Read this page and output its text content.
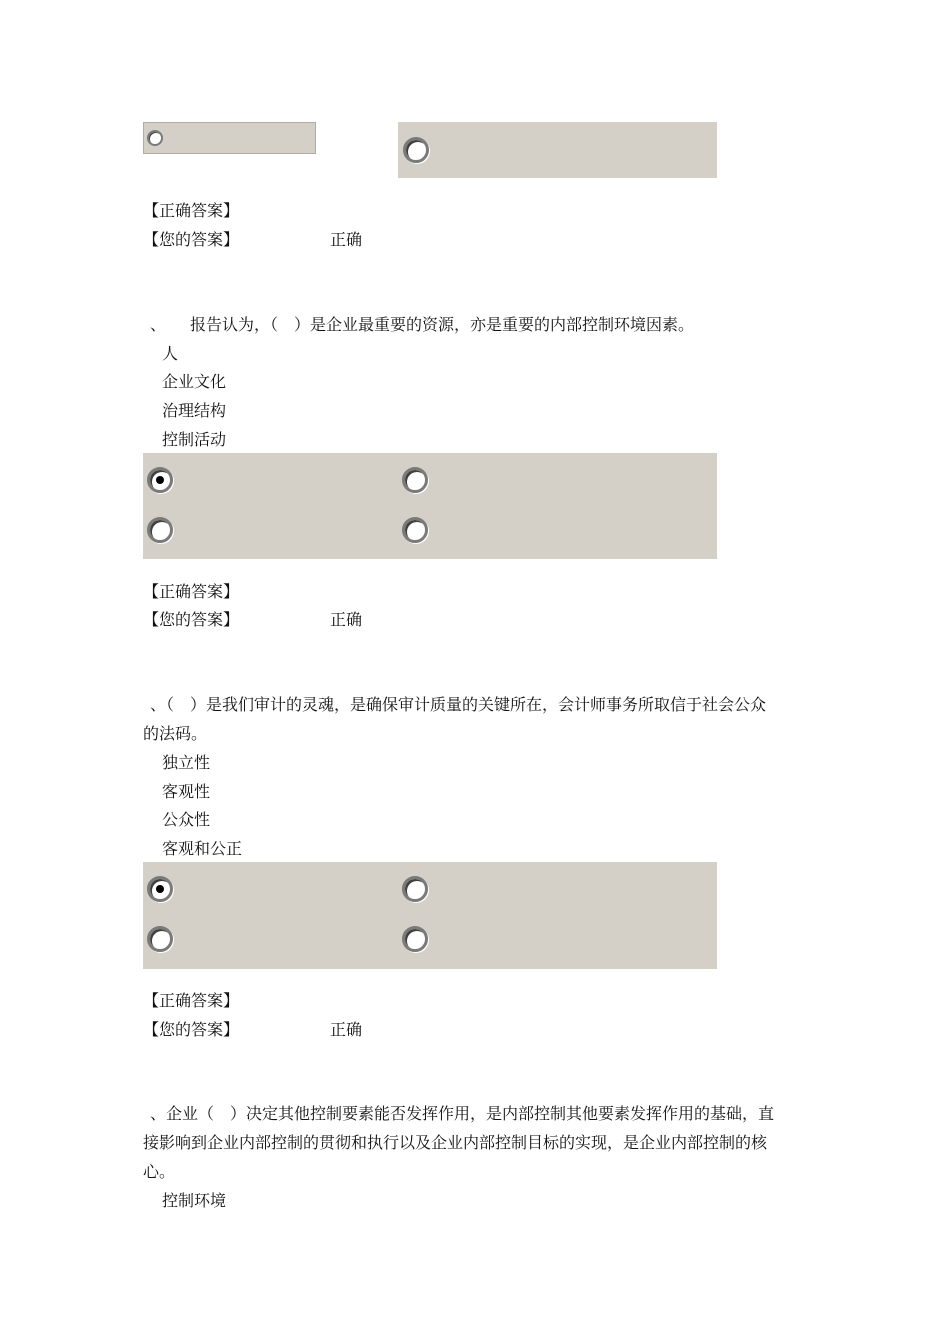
【正确答案】
【您的答案】	正确
、　　报告认为，（　）是企业最重要的资源，亦是重要的内部控制环境因素。
人
企业文化
治理结构
控制活动
【正确答案】
【您的答案】	正确
、（　）是我们审计的灵魂，是确保审计质量的关键所在，会计师事务所取信于社会公众
的法码。
独立性
客观性
公众性
客观和公正
【正确答案】
【您的答案】	正确
、企业（　）决定其他控制要素能否发挥作用，是内部控制其他要素发挥作用的基础，直
接影响到企业内部控制的贯彻和执行以及企业内部控制目标的实现，是企业内部控制的核
心。
控制环境
